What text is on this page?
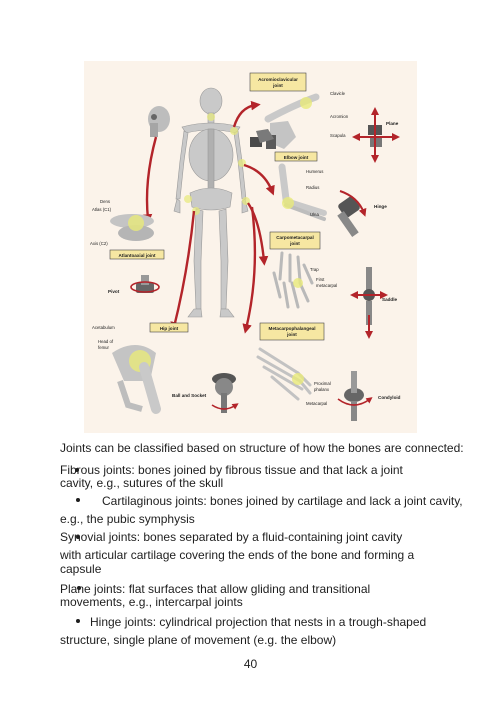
Acromioclavicular
joint
Clavicle
Acromion
Scapula
Plane
Elbow joint
Humerus
Radius
Ulna
Hinge
Dens
Atlas (C1)
Axis (C2)
Atlantoaxial joint
Carpometacarpal
joint
Trap
First
metacarpal
Pivot
Saddle
Acetabulum
Head of
femur
Hip joint	Metacarpophalangeal
joint
Proximal
phalanx
Metacarpal
Ball and Socket	Condyloid
Joints can be classified based on structure of how the bones are connected:
Fibrous joints: bones joined by fibrous tissue and that lack a joint
cavity, e.g., sutures of the skull
Cartilaginous joints: bones joined by cartilage and lack a joint cavity,
e.g., the pubic symphysis
Synovial joints: bones separated by a fluid-containing joint cavity
with articular cartilage covering the ends of the bone and forming a
capsule
Plane joints: flat surfaces that allow gliding and transitional
movements, e.g., intercarpal joints
Hinge joints: cylindrical projection that nests in a trough-shaped
structure, single plane of movement (e.g. the elbow)
40
